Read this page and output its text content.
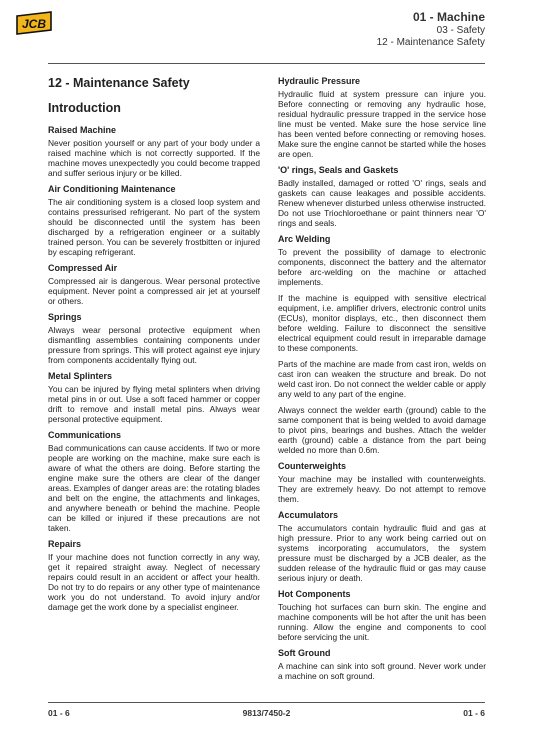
JCB	01 - Machine
03 - Safety
12 - Maintenance Safety
12 - Maintenance Safety
Introduction
Raised Machine
Never position yourself or any part of your body under a raised machine which is not correctly supported. If the machine moves unexpectedly you could become trapped and suffer serious injury or be killed.
Air Conditioning Maintenance
The air conditioning system is a closed loop system and contains pressurised refrigerant. No part of the system should be disconnected until the system has been discharged by a refrigeration engineer or a suitably trained person. You can be severely frostbitten or injured by escaping refrigerant.
Compressed Air
Compressed air is dangerous. Wear personal protective equipment. Never point a compressed air jet at yourself or others.
Springs
Always wear personal protective equipment when dismantling assemblies containing components under pressure from springs. This will protect against eye injury from components accidentally flying out.
Metal Splinters
You can be injured by flying metal splinters when driving metal pins in or out. Use a soft faced hammer or copper drift to remove and install metal pins. Always wear personal protective equipment.
Communications
Bad communications can cause accidents. If two or more people are working on the machine, make sure each is aware of what the others are doing. Before starting the engine make sure the others are clear of the danger areas. Examples of danger areas are: the rotating blades and belt on the engine, the attachments and linkages, and anywhere beneath or behind the machine. People can be killed or injured if these precautions are not taken.
Repairs
If your machine does not function correctly in any way, get it repaired straight away. Neglect of necessary repairs could result in an accident or affect your health. Do not try to do repairs or any other type of maintenance work you do not understand. To avoid injury and/or damage get the work done by a specialist engineer.
Hydraulic Pressure
Hydraulic fluid at system pressure can injure you. Before connecting or removing any hydraulic hose, residual hydraulic pressure trapped in the service hose line must be vented. Make sure the hose service line has been vented before connecting or removing hoses. Make sure the engine cannot be started while the hoses are open.
'O' rings, Seals and Gaskets
Badly installed, damaged or rotted 'O' rings, seals and gaskets can cause leakages and possible accidents. Renew whenever disturbed unless otherwise instructed. Do not use Triochloroethane or paint thinners near 'O' rings and seals.
Arc Welding
To prevent the possibility of damage to electronic components, disconnect the battery and the alternator before arc-welding on the machine or attached implements.
If the machine is equipped with sensitive electrical equipment, i.e. amplifier drivers, electronic control units (ECUs), monitor displays, etc., then disconnect them before welding. Failure to disconnect the sensitive electrical equipment could result in irreparable damage to these components.
Parts of the machine are made from cast iron, welds on cast iron can weaken the structure and break. Do not weld cast iron. Do not connect the welder cable or apply any weld to any part of the engine.
Always connect the welder earth (ground) cable to the same component that is being welded to avoid damage to pivot pins, bearings and bushes. Attach the welder earth (ground) cable a distance from the part being welded no more than 0.6m.
Counterweights
Your machine may be installed with counterweights. They are extremely heavy. Do not attempt to remove them.
Accumulators
The accumulators contain hydraulic fluid and gas at high pressure. Prior to any work being carried out on systems incorporating accumulators, the system pressure must be discharged by a JCB dealer, as the sudden release of the hydraulic fluid or gas may cause serious injury or death.
Hot Components
Touching hot surfaces can burn skin. The engine and machine components will be hot after the unit has been running. Allow the engine and components to cool before servicing the unit.
Soft Ground
A machine can sink into soft ground. Never work under a machine on soft ground.
01 - 6	9813/7450-2	01 - 6
